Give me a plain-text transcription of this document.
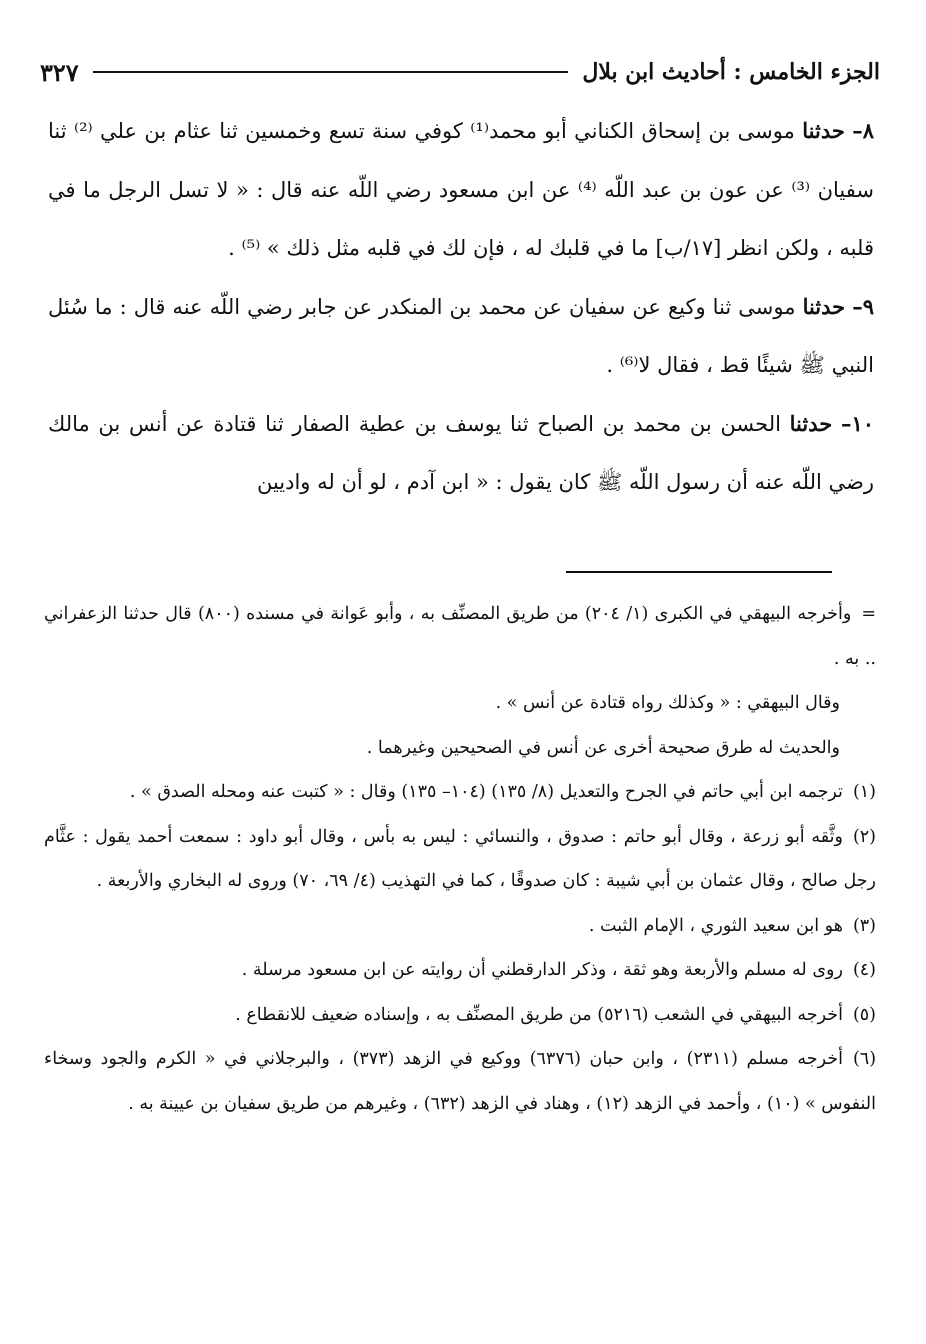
الجزء الخامس : أحاديث ابن بلال
٣٢٧

٨– حدثنا موسى بن إسحاق الكناني أبو محمد⁽¹⁾ كوفي سنة تسع وخمسين ثنا عثام بن علي ⁽²⁾ ثنا سفيان ⁽³⁾ عن عون بن عبد اللّه ⁽⁴⁾ عن ابن مسعود رضي اللّه عنه قال : « لا تسل الرجل ما في قلبه ، ولكن انظر [١٧/ب] ما في قلبك له ، فإن لك في قلبه مثل ذلك » ⁽⁵⁾ .

٩– حدثنا موسى ثنا وكيع عن سفيان عن محمد بن المنكدر عن جابر رضي اللّه عنه قال : ما سُئل النبي ﷺ شيئًا قط ، فقال لا⁽⁶⁾ .

١٠– حدثنا الحسن بن محمد بن الصباح ثنا يوسف بن عطية الصفار ثنا قتادة عن أنس بن مالك رضي اللّه عنه أن رسول اللّه ﷺ كان يقول : « ابن آدم ، لو أن له واديين

=وأخرجه البيهقي في الكبرى (١/ ٢٠٤) من طريق المصنِّف به ، وأبو عَوانة في مسنده (٨٠٠) قال حدثنا الزعفراني .. به .

وقال البيهقي : « وكذلك رواه قتادة عن أنس » .

والحديث له طرق صحيحة أخرى عن أنس في الصحيحين وغيرهما .

(١)ترجمه ابن أبي حاتم في الجرح والتعديل (٨/ ١٣٥) (١٠٤– ١٣٥) وقال : « كتبت عنه ومحله الصدق » .

(٢)وثَّقه أبو زرعة ، وقال أبو حاتم : صدوق ، والنسائي : ليس به بأس ، وقال أبو داود : سمعت أحمد يقول : عثَّام رجل صالح ، وقال عثمان بن أبي شيبة : كان صدوقًا ، كما في التهذيب (٤/ ٦٩، ٧٠) وروى له البخاري والأربعة .

(٣)هو ابن سعيد الثوري ، الإمام الثبت .

(٤)روى له مسلم والأربعة وهو ثقة ، وذكر الدارقطني أن روايته عن ابن مسعود مرسلة .

(٥)أخرجه البيهقي في الشعب (٥٢١٦) من طريق المصنِّف به ، وإسناده ضعيف للانقطاع .

(٦)أخرجه مسلم (٢٣١١) ، وابن حبان (٦٣٧٦) ووكيع في الزهد (٣٧٣) ، والبرجلاني في « الكرم والجود وسخاء النفوس » (١٠) ، وأحمد في الزهد (١٢) ، وهناد في الزهد (٦٣٢) ، وغيرهم من طريق سفيان بن عيينة به .
